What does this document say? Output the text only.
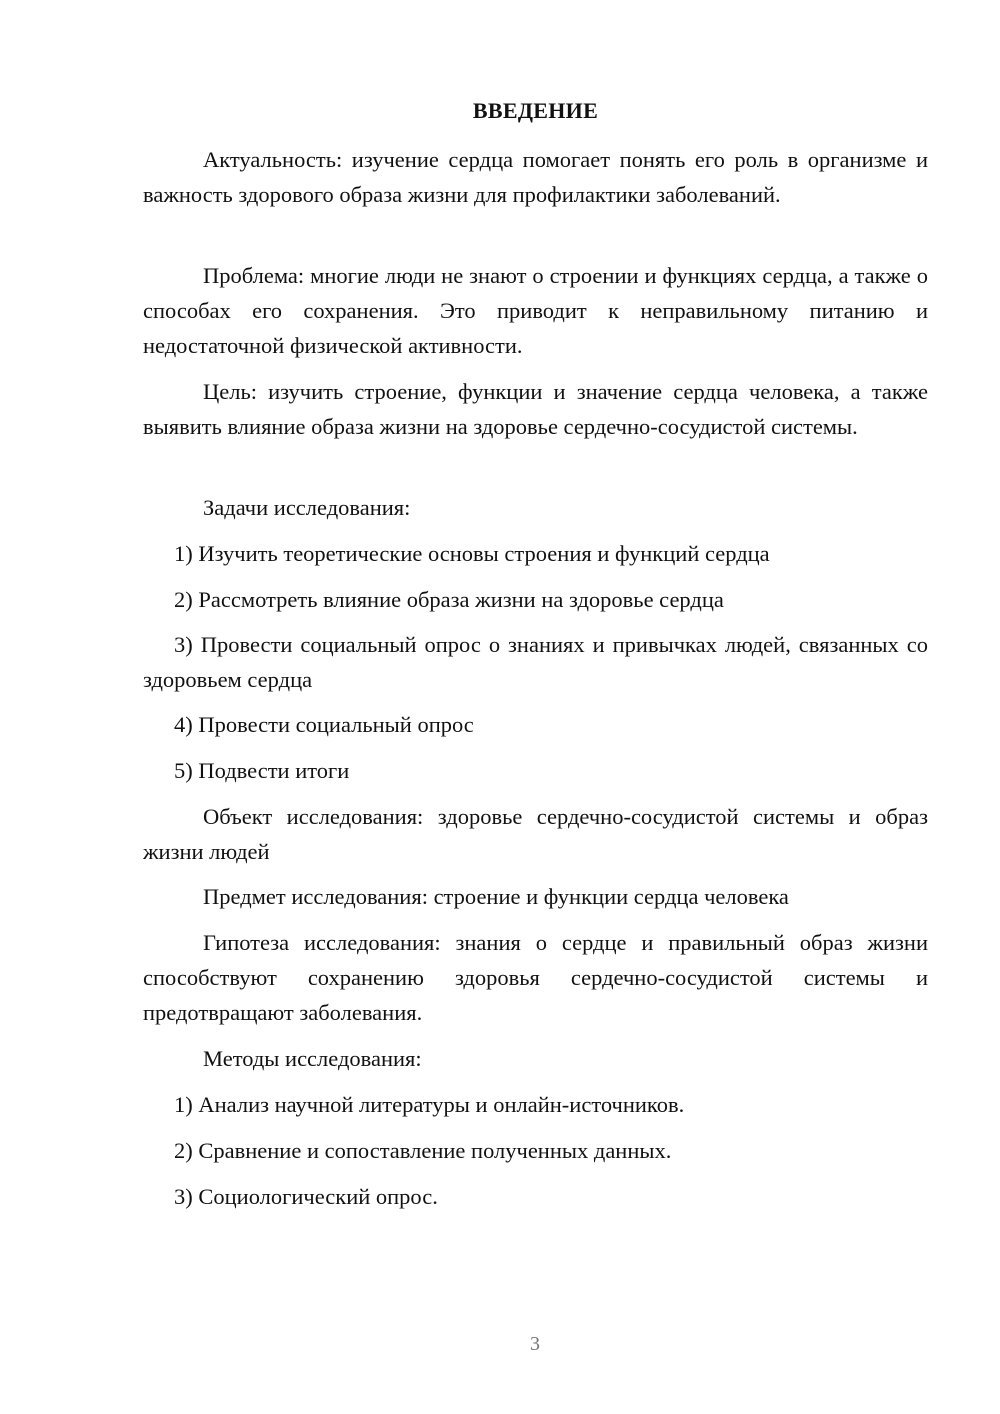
ВВЕДЕНИЕ

Актуальность: изучение сердца помогает понять его роль в организме и важность здорового образа жизни для профилактики заболеваний.

Проблема: многие люди не знают о строении и функциях сердца, а также о способах его сохранения. Это приводит к неправильному питанию и недостаточной физической активности.

Цель: изучить строение, функции и значение сердца человека, а также выявить влияние образа жизни на здоровье сердечно-сосудистой системы.

Задачи исследования:

1) Изучить теоретические основы строения и функций сердца

2) Рассмотреть влияние образа жизни на здоровье сердца

3) Провести социальный опрос о знаниях и привычках людей, связанных со здоровьем сердца

4) Провести социальный опрос

5) Подвести итоги

Объект исследования: здоровье сердечно-сосудистой системы и образ жизни людей

Предмет исследования: строение и функции сердца человека

Гипотеза исследования: знания о сердце и правильный образ жизни способствуют сохранению здоровья сердечно-сосудистой системы и предотвращают заболевания.

Методы исследования:

1) Анализ научной литературы и онлайн-источников.

2) Сравнение и сопоставление полученных данных.

3) Социологический опрос.

3
